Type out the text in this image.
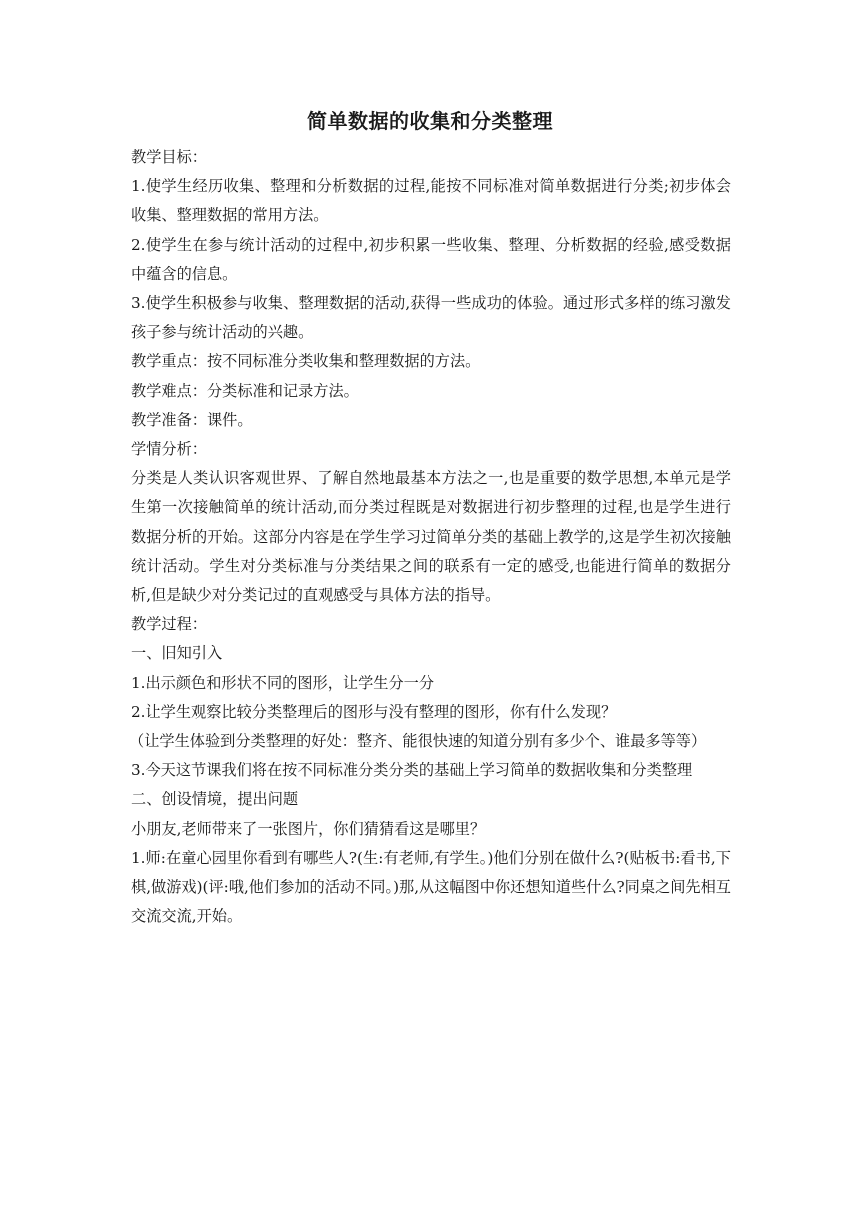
简单数据的收集和分类整理

教学目标：

1.使学生经历收集、整理和分析数据的过程,能按不同标准对简单数据进行分类;初步体会收集、整理数据的常用方法。

2.使学生在参与统计活动的过程中,初步积累一些收集、整理、分析数据的经验,感受数据中蕴含的信息。

3.使学生积极参与收集、整理数据的活动,获得一些成功的体验。通过形式多样的练习激发孩子参与统计活动的兴趣。

教学重点：按不同标准分类收集和整理数据的方法。

教学难点：分类标准和记录方法。

教学准备：课件。

学情分析：

分类是人类认识客观世界、了解自然地最基本方法之一,也是重要的数学思想,本单元是学生第一次接触简单的统计活动,而分类过程既是对数据进行初步整理的过程,也是学生进行数据分析的开始。这部分内容是在学生学习过简单分类的基础上教学的,这是学生初次接触统计活动。学生对分类标准与分类结果之间的联系有一定的感受,也能进行简单的数据分析,但是缺少对分类记过的直观感受与具体方法的指导。

教学过程：

一、旧知引入

1.出示颜色和形状不同的图形，让学生分一分

2.让学生观察比较分类整理后的图形与没有整理的图形，你有什么发现？

（让学生体验到分类整理的好处：整齐、能很快速的知道分别有多少个、谁最多等等）

3.今天这节课我们将在按不同标准分类分类的基础上学习简单的数据收集和分类整理

二、创设情境，提出问题

小朋友,老师带来了一张图片，你们猜猜看这是哪里？

1.师:在童心园里你看到有哪些人?(生:有老师,有学生。)他们分别在做什么?(贴板书:看书,下棋,做游戏)(评:哦,他们参加的活动不同。)那,从这幅图中你还想知道些什么?同桌之间先相互交流交流,开始。
